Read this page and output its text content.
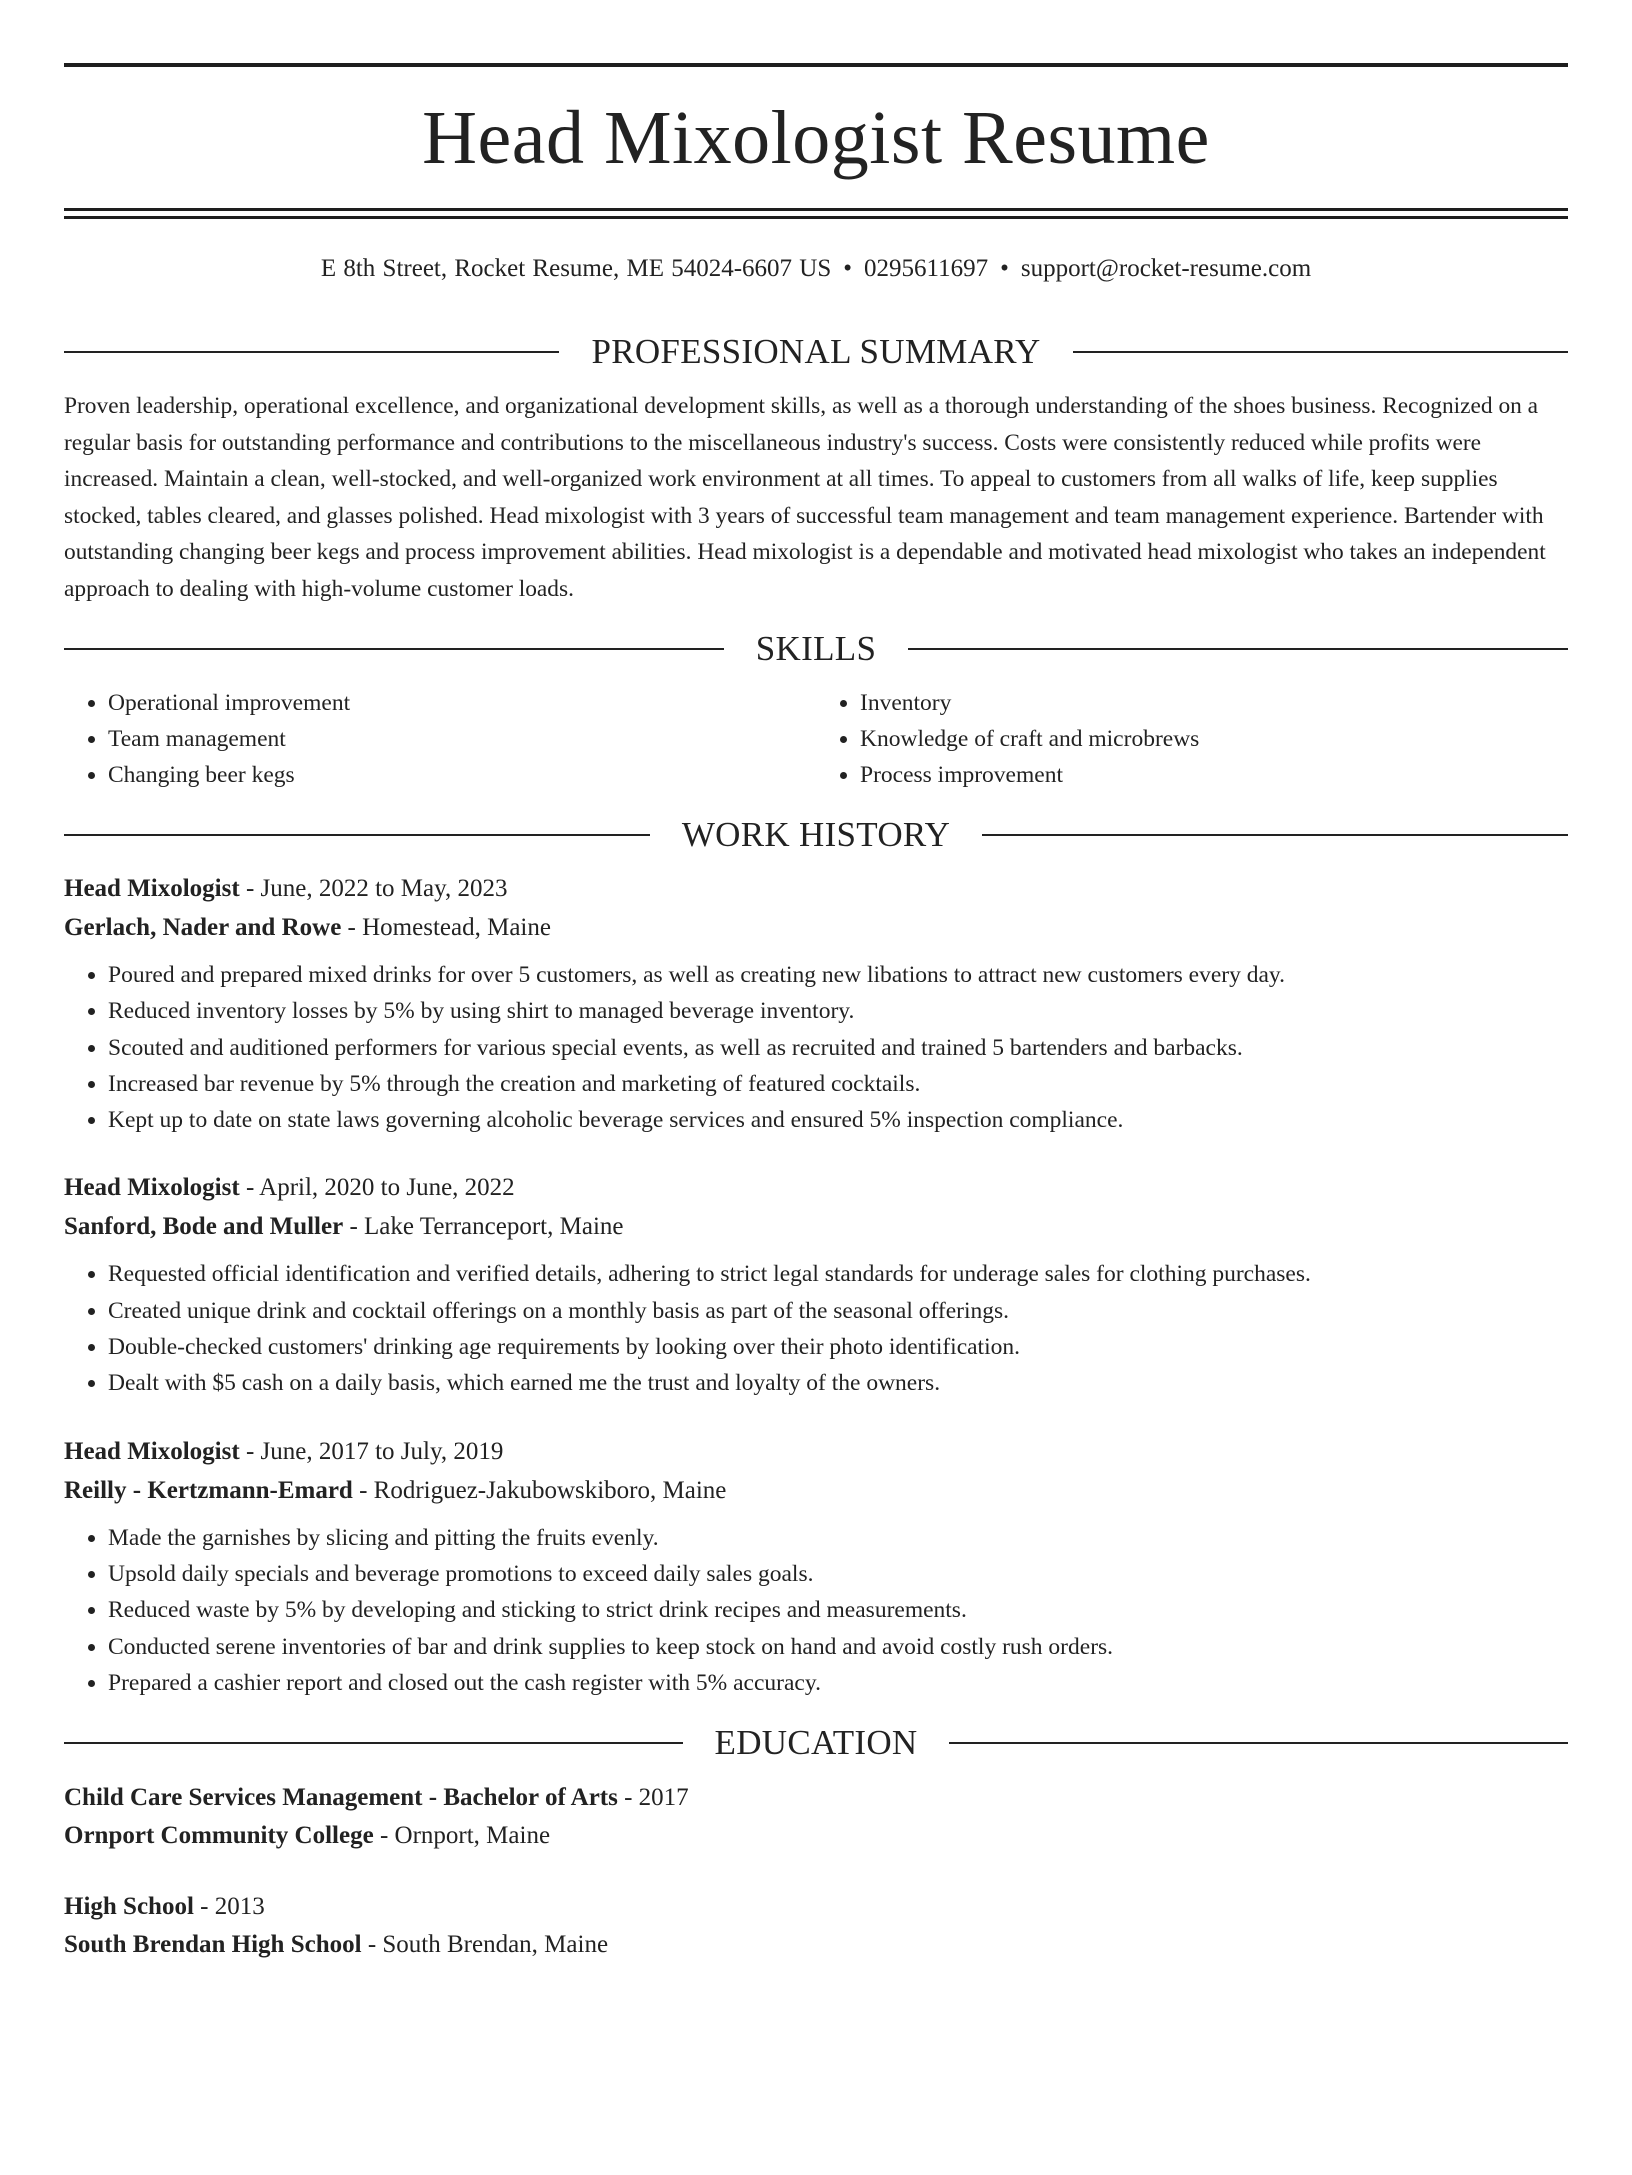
Head Mixologist Resume
E 8th Street, Rocket Resume, ME 54024-6607 US • 0295611697 • support@rocket-resume.com
PROFESSIONAL SUMMARY
Proven leadership, operational excellence, and organizational development skills, as well as a thorough understanding of the shoes business. Recognized on a regular basis for outstanding performance and contributions to the miscellaneous industry's success. Costs were consistently reduced while profits were increased. Maintain a clean, well-stocked, and well-organized work environment at all times. To appeal to customers from all walks of life, keep supplies stocked, tables cleared, and glasses polished. Head mixologist with 3 years of successful team management and team management experience. Bartender with outstanding changing beer kegs and process improvement abilities. Head mixologist is a dependable and motivated head mixologist who takes an independent approach to dealing with high-volume customer loads.
SKILLS
• Operational improvement
• Team management
• Changing beer kegs
• Inventory
• Knowledge of craft and microbrews
• Process improvement
WORK HISTORY
Head Mixologist - June, 2022 to May, 2023
Gerlach, Nader and Rowe - Homestead, Maine
• Poured and prepared mixed drinks for over 5 customers, as well as creating new libations to attract new customers every day.
• Reduced inventory losses by 5% by using shirt to managed beverage inventory.
• Scouted and auditioned performers for various special events, as well as recruited and trained 5 bartenders and barbacks.
• Increased bar revenue by 5% through the creation and marketing of featured cocktails.
• Kept up to date on state laws governing alcoholic beverage services and ensured 5% inspection compliance.
Head Mixologist - April, 2020 to June, 2022
Sanford, Bode and Muller - Lake Terranceport, Maine
• Requested official identification and verified details, adhering to strict legal standards for underage sales for clothing purchases.
• Created unique drink and cocktail offerings on a monthly basis as part of the seasonal offerings.
• Double-checked customers' drinking age requirements by looking over their photo identification.
• Dealt with $5 cash on a daily basis, which earned me the trust and loyalty of the owners.
Head Mixologist - June, 2017 to July, 2019
Reilly - Kertzmann-Emard - Rodriguez-Jakubowskiboro, Maine
• Made the garnishes by slicing and pitting the fruits evenly.
• Upsold daily specials and beverage promotions to exceed daily sales goals.
• Reduced waste by 5% by developing and sticking to strict drink recipes and measurements.
• Conducted serene inventories of bar and drink supplies to keep stock on hand and avoid costly rush orders.
• Prepared a cashier report and closed out the cash register with 5% accuracy.
EDUCATION
Child Care Services Management - Bachelor of Arts - 2017
Ornport Community College - Ornport, Maine
High School - 2013
South Brendan High School - South Brendan, Maine
